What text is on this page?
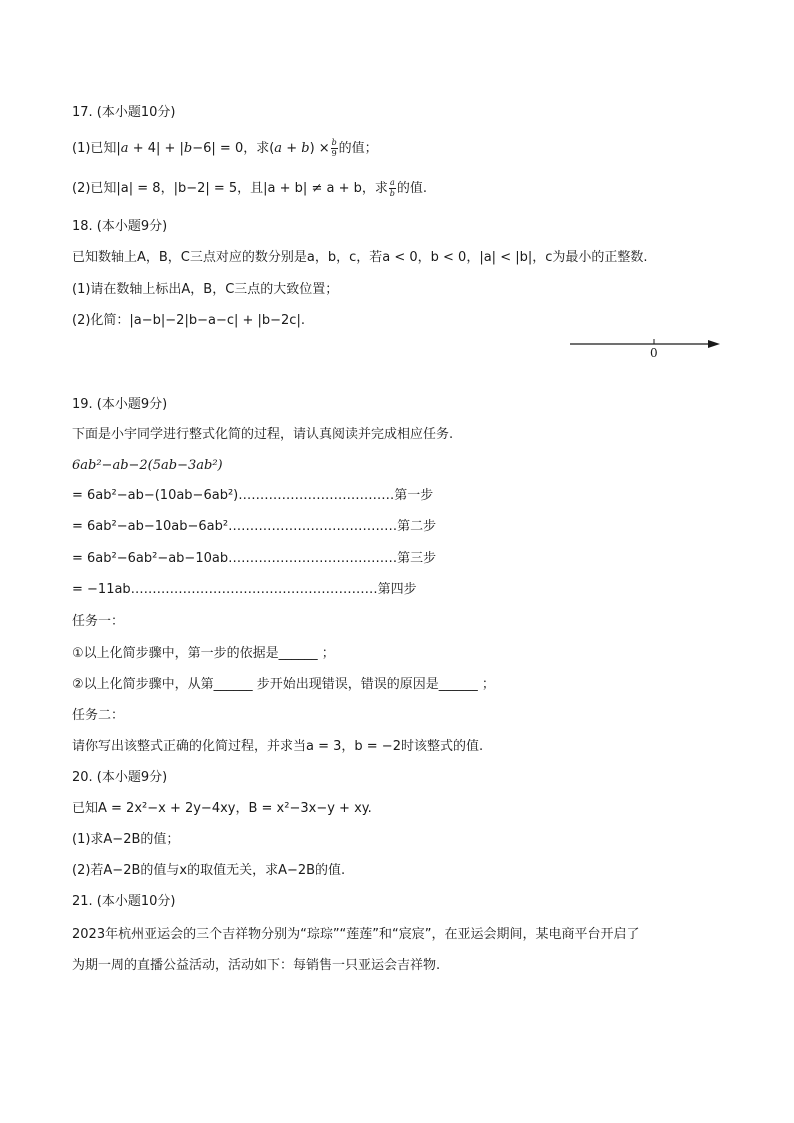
17. (本小题10分)
(1)已知|a + 4| + |b−6| = 0，求$(a + b) \times \frac{b}{9}$ 的值；
(2)已知|a| = 8，|b−2| = 5，且|a + b| ≠ a + b，求 $\frac{a}{b}$ 的值.
18. (本小题9分)
已知数轴上A，B，C三点对应的数分别是a，b，c，若a < 0，b < 0，|a| < |b|，c为最小的正整数.
(1)请在数轴上标出A，B，C三点的大致位置；
(2)化简：|a−b|−2|b−a−c| + |b−2c|.
0
19. (本小题9分)
下面是小宇同学进行整式化简的过程，请认真阅读并完成相应任务.
6ab²−ab−2(5ab−3ab²)
= 6ab²−ab−(10ab−6ab²)………………………………第一步
= 6ab²−ab−10ab−6ab²…………………………………第二步
= 6ab²−6ab²−ab−10ab…………………………………第三步
= −11ab…………………………………………………第四步
任务一：
①以上化简步骤中，第一步的依据是______ ；
②以上化简步骤中，从第______ 步开始出现错误，错误的原因是______ ；
任务二：
请你写出该整式正确的化简过程，并求当a = 3，b = −2时该整式的值.
20. (本小题9分)
已知A = 2x²−x + 2y−4xy，B = x²−3x−y + xy.
(1)求A−2B的值；
(2)若A−2B的值与x的取值无关，求A−2B的值.
21. (本小题10分)
2023年杭州亚运会的三个吉祥物分别为“琮琮”“莲莲”和“宸宸”，在亚运会期间，某电商平台开启了
为期一周的直播公益活动，活动如下：每销售一只亚运会吉祥物.
